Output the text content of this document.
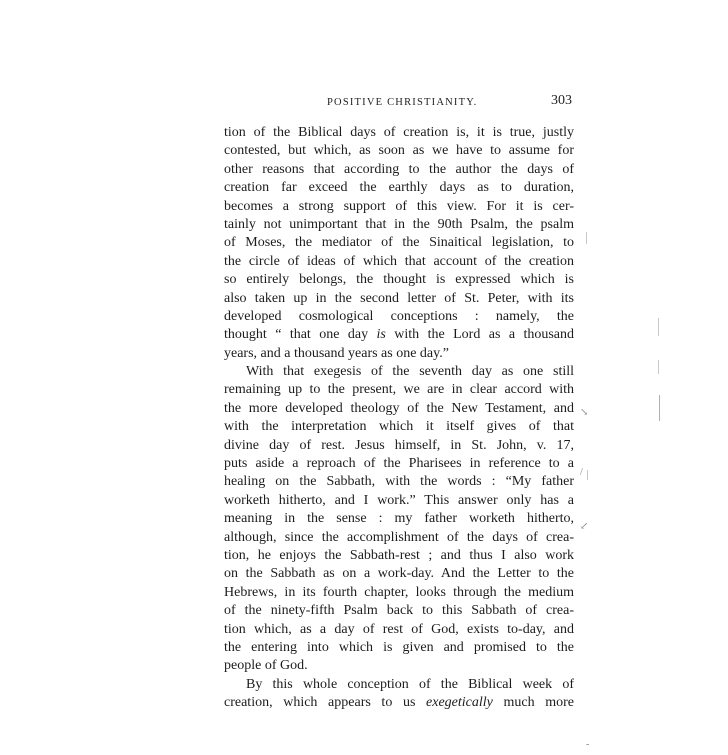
POSITIVE CHRISTIANITY.	303
tion of the Biblical days of creation is, it is true, justly
contested, but which, as soon as we have to assume for
other reasons that according to the author the days of
creation far exceed the earthly days as to duration,
becomes a strong support of this view. For it is cer-
tainly not unimportant that in the 90th Psalm, the psalm
of Moses, the mediator of the Sinaitical legislation, to
the circle of ideas of which that account of the creation
so entirely belongs, the thought is expressed which is
also taken up in the second letter of St. Peter, with its
developed cosmological conceptions : namely, the
thought “ that one day is with the Lord as a thousand
years, and a thousand years as one day.”
With that exegesis of the seventh day as one still
remaining up to the present, we are in clear accord with
the more developed theology of the New Testament, and
with the interpretation which it itself gives of that
divine day of rest. Jesus himself, in St. John, v. 17,
puts aside a reproach of the Pharisees in reference to a
healing on the Sabbath, with the words : “My father
worketh hitherto, and I work.” This answer only has a
meaning in the sense : my father worketh hitherto,
although, since the accomplishment of the days of crea-
tion, he enjoys the Sabbath-rest ; and thus I also work
on the Sabbath as on a work-day. And the Letter to the
Hebrews, in its fourth chapter, looks through the medium
of the ninety-fifth Psalm back to this Sabbath of crea-
tion which, as a day of rest of God, exists to-day, and
the entering into which is given and promised to the
people of God.
By this whole conception of the Biblical week of
creation, which appears to us exegetically much more
↘
/
↙
-
